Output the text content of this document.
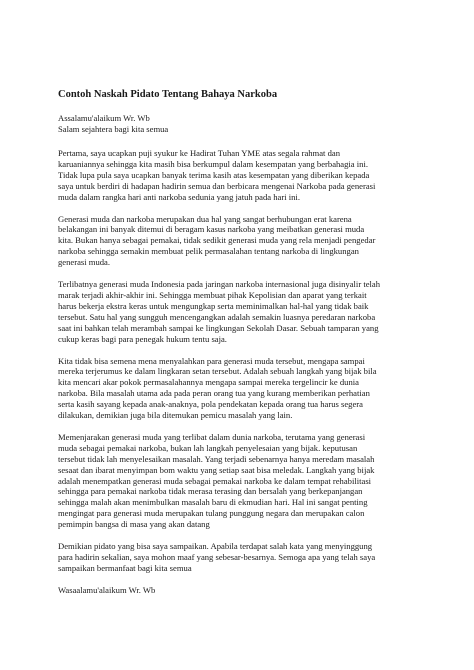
Contoh Naskah Pidato Tentang Bahaya Narkoba
Assalamu'alaikum Wr. Wb
Salam sejahtera bagi kita semua
Pertama, saya ucapkan puji syukur ke Hadirat Tuhan YME atas segala rahmat dan
karuaniannya sehingga kita masih bisa berkumpul dalam kesempatan yang berbahagia ini.
Tidak lupa pula saya ucapkan banyak terima kasih atas kesempatan yang diberikan kepada
saya untuk berdiri di hadapan hadirin semua dan berbicara mengenai Narkoba pada generasi
muda dalam rangka hari anti narkoba sedunia yang jatuh pada hari ini.
Generasi muda dan narkoba merupakan dua hal yang sangat berhubungan erat karena
belakangan ini banyak ditemui di beragam kasus narkoba yang meibatkan generasi muda
kita. Bukan hanya sebagai pemakai, tidak sedikit generasi muda yang rela menjadi pengedar
narkoba sehingga semakin membuat pelik permasalahan tentang narkoba di lingkungan
generasi muda.
Terlibatnya generasi muda Indonesia pada jaringan narkoba internasional juga disinyalir telah
marak terjadi akhir-akhir ini. Sehingga membuat pihak Kepolisian dan aparat yang terkait
harus bekerja ekstra keras untuk mengungkap serta meminimalkan hal-hal yang tidak baik
tersebut. Satu hal yang sungguh mencengangkan adalah semakin luasnya peredaran narkoba
saat ini bahkan telah merambah sampai ke lingkungan Sekolah Dasar. Sebuah tamparan yang
cukup keras bagi para penegak hukum tentu saja.
Kita tidak bisa semena mena menyalahkan para generasi muda tersebut, mengapa sampai
mereka terjerumus ke dalam lingkaran setan tersebut. Adalah sebuah langkah yang bijak bila
kita mencari akar pokok permasalahannya mengapa sampai mereka tergelincir ke dunia
narkoba. Bila masalah utama ada pada peran orang tua yang kurang memberikan perhatian
serta kasih sayang kepada anak-anaknya, pola pendekatan kepada orang tua harus segera
dilakukan, demikian juga bila ditemukan pemicu masalah yang lain.
Memenjarakan generasi muda yang terlibat dalam dunia narkoba, terutama yang generasi
muda sebagai pemakai narkoba, bukan lah langkah penyelesaian yang bijak. keputusan
tersebut tidak lah menyelesaikan masalah. Yang terjadi sebenarnya hanya meredam masalah
sesaat dan ibarat menyimpan bom waktu yang setiap saat bisa meledak. Langkah yang bijak
adalah menempatkan generasi muda sebagai pemakai narkoba ke dalam tempat rehabilitasi
sehingga para pemakai narkoba tidak merasa terasing dan bersalah yang berkepanjangan
sehingga malah akan menimbulkan masalah baru di ekmudian hari. Hal ini sangat penting
mengingat para generasi muda merupakan tulang punggung negara dan merupakan calon
pemimpin bangsa di masa yang akan datang
Demikian pidato yang bisa saya sampaikan. Apabila terdapat salah kata yang menyinggung
para hadirin sekalian, saya mohon maaf yang sebesar-besarnya. Semoga apa yang telah saya
sampaikan bermanfaat bagi kita semua
Wasaalamu'alaikum Wr. Wb
